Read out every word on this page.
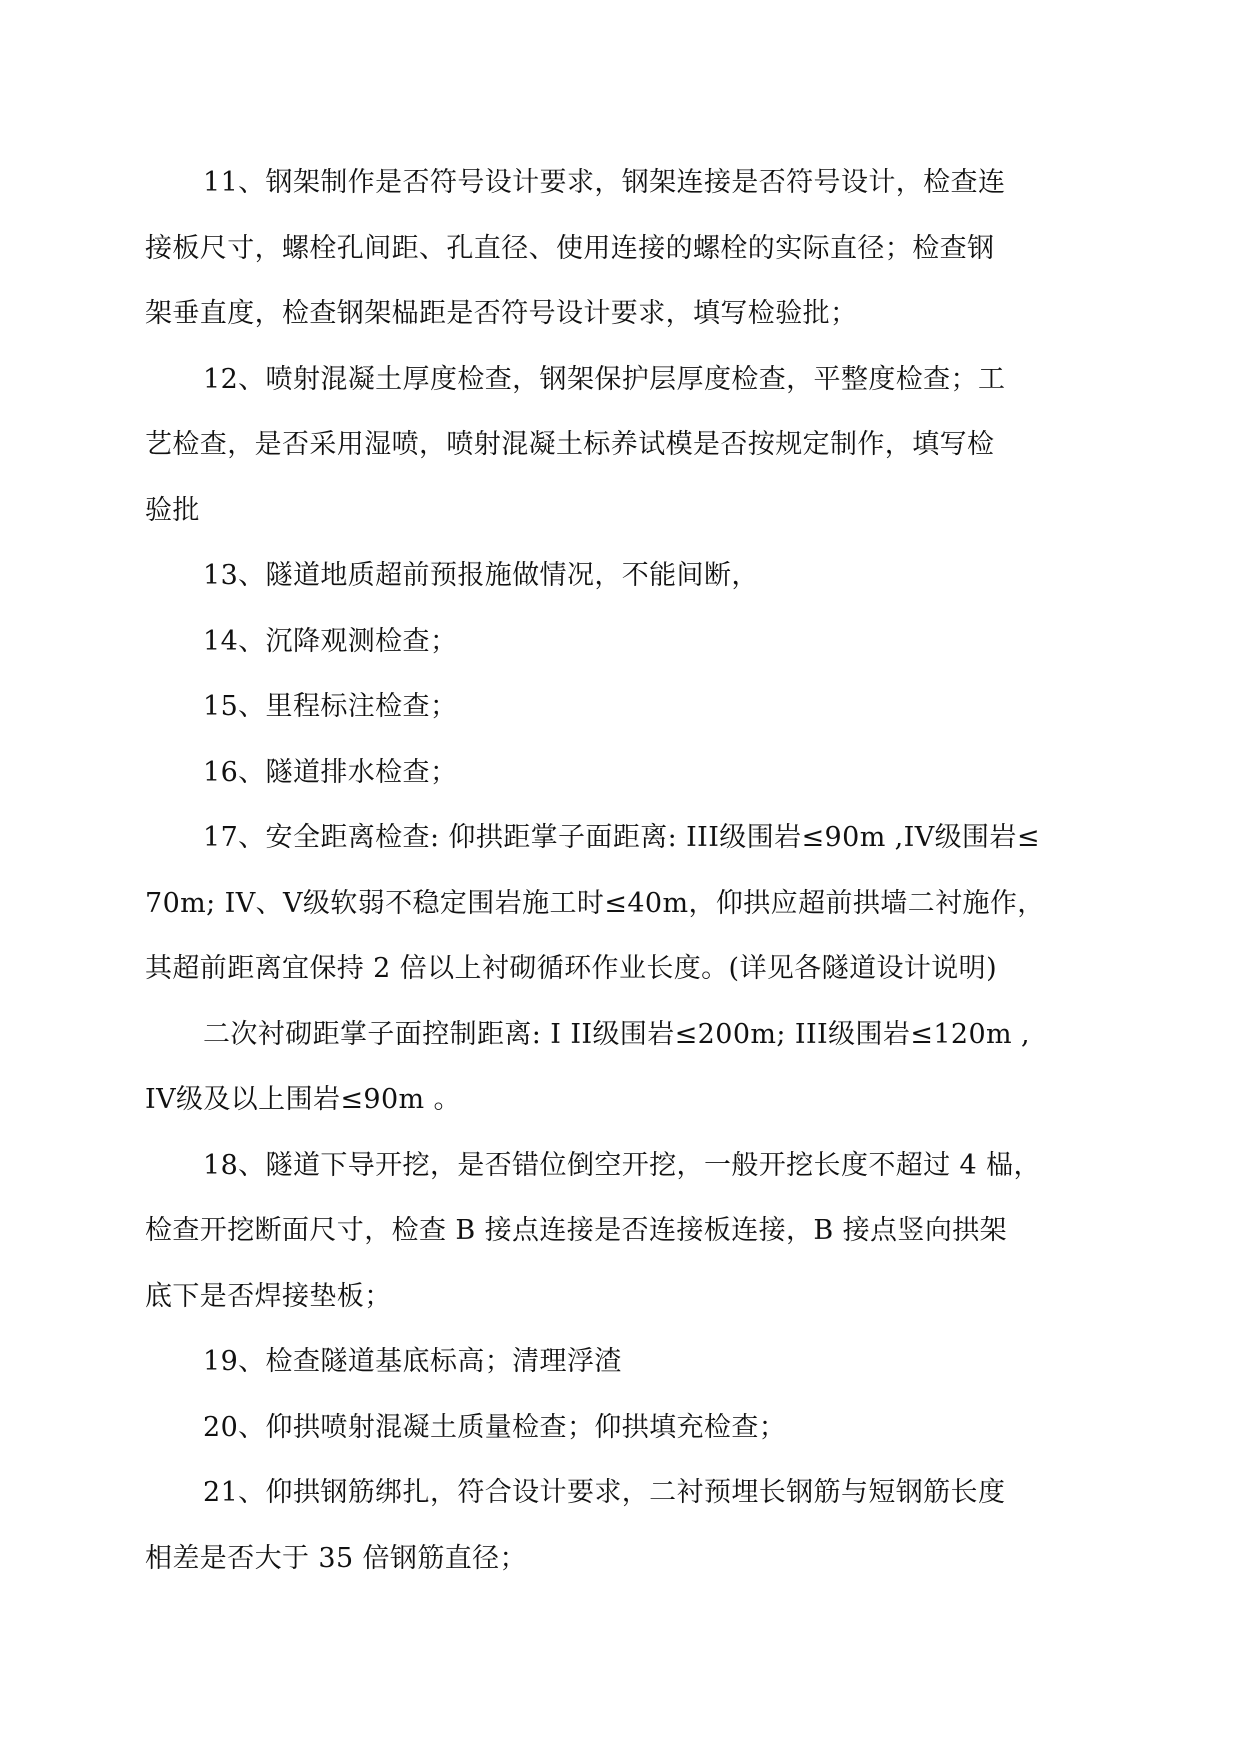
11、钢架制作是否符号设计要求，钢架连接是否符号设计，检查连
接板尺寸，螺栓孔间距、孔直径、使用连接的螺栓的实际直径；检查钢
架垂直度，检查钢架榀距是否符号设计要求，填写检验批；

12、喷射混凝土厚度检查，钢架保护层厚度检查，平整度检查；工
艺检查，是否采用湿喷，喷射混凝土标养试模是否按规定制作，填写检
验批

13、隧道地质超前预报施做情况，不能间断，

14、沉降观测检查；

15、里程标注检查；

16、隧道排水检查；

17、安全距离检查: 仰拱距掌子面距离: III级围岩≤90m ,IV级围岩≤
70m; IV、V级软弱不稳定围岩施工时≤40m，仰拱应超前拱墙二衬施作，
其超前距离宜保持 2 倍以上衬砌循环作业长度。(详见各隧道设计说明)

二次衬砌距掌子面控制距离: I II级围岩≤200m; III级围岩≤120m ,
IV级及以上围岩≤90m 。

18、隧道下导开挖，是否错位倒空开挖，一般开挖长度不超过 4 榀，
检查开挖断面尺寸，检查 B 接点连接是否连接板连接，B 接点竖向拱架
底下是否焊接垫板；

19、检查隧道基底标高；清理浮渣

20、仰拱喷射混凝土质量检查；仰拱填充检查；

21、仰拱钢筋绑扎，符合设计要求，二衬预埋长钢筋与短钢筋长度
相差是否大于 35 倍钢筋直径；
